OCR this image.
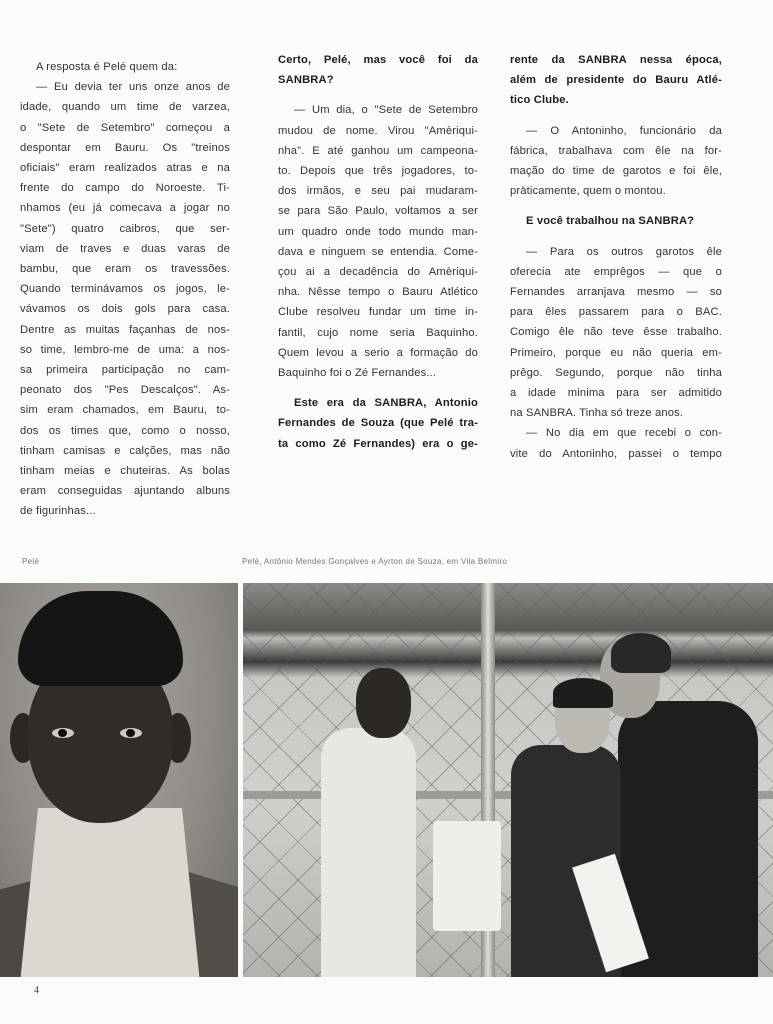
A resposta é Pelé quem da:
— Eu devia ter uns onze anos de
idade, quando um time de varzea,
o "Sete de Setembro" começou a
despontar em Bauru. Os "treinos
oficiais" eram realizados atras e na
frente do campo do Noroeste. Ti-
nhamos (eu já comecava a jogar no
"Sete") quatro caibros, que ser-
viam de traves e duas varas de
bambu, que eram os travessões.
Quando terminávamos os jogos, le-
vávamos os dois gols para casa.
Dentre as muitas façanhas de nos-
so time, lembro-me de uma: a nos-
sa primeira participação no cam-
peonato dos "Pes Descalços". As-
sim eram chamados, em Bauru, to-
dos os times que, como o nosso,
tinham camisas e calções, mas não
tinham meias e chuteiras. As bolas
eram conseguidas ajuntando albuns
de figurinhas...
Certo, Pelé, mas você foi da
SANBRA?
— Um dia, o "Sete de Setembro
mudou de nome. Virou "Amèriqui-
nha". E até ganhou um campeona-
to. Depois que três jogadores, to-
dos irmãos, e seu pai mudaram-
se para São Paulo, voltamos a ser
um quadro onde todo mundo man-
dava e ninguem se entendia. Come-
çou ai a decadência do Amèriqui-
nha. Nêsse tempo o Bauru Atlético
Clube resolveu fundar um time in-
fantil, cujo nome seria Baquinho.
Quem levou a serio a formação do
Baquinho foi o Zé Fernandes...
Este era da SANBRA, Antonio
Fernandes de Souza (que Pelé tra-
ta como Zé Fernandes) era o ge-
rente da SANBRA nessa época,
além de presidente do Bauru Atlé-
tico Clube.
— O Antoninho, funcionário da
fábrica, trabalhava com êle na for-
mação do time de garotos e foi êle,
pràticamente, quem o montou.
E você trabalhou na SANBRA?
— Para os outros garotos êle
oferecia ate emprêgos — que o
Fernandes arranjava mesmo — so
para êles passarem para o BAC.
Comigo êle não teve êsse trabalho.
Primeiro, porque eu não queria em-
prêgo. Segundo, porque não tinha
a idade minima para ser admitido
na SANBRA. Tinha só treze anos.
— No dia em que recebi o con-
vite do Antoninho, passei o tempo
Pelé	Pelé, Antônio Mendes Gonçalves e Ayrton de Souza, em Vila Belmiro
4
